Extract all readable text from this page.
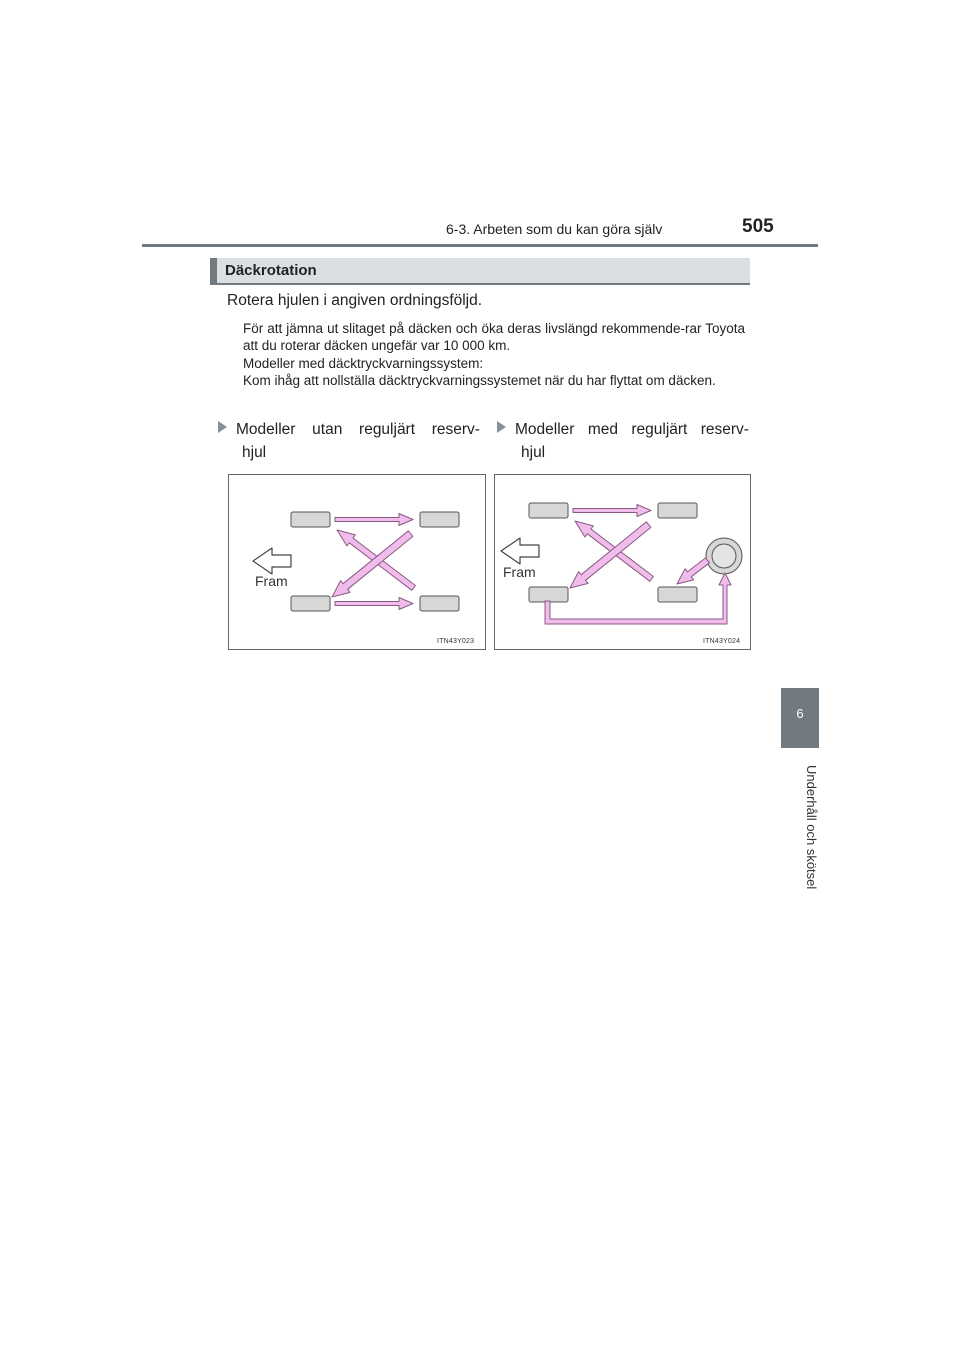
6-3. Arbeten som du kan göra själv	505
6
Underhåll och skötsel
Däckrotation
Rotera hjulen i angiven ordningsföljd.
För att jämna ut slitaget på däcken och öka deras livslängd rekommende-rar Toyota att du roterar däcken ungefär var 10 000 km.
Modeller med däcktryckvarningssystem:
Kom ihåg att nollställa däcktryckvarningssystemet när du har flyttat om däcken.
Modeller utan reguljärt reserv-
hjul
Modeller med reguljärt reserv-
hjul
Fram
ITN43Y023
Fram
ITN43Y024
